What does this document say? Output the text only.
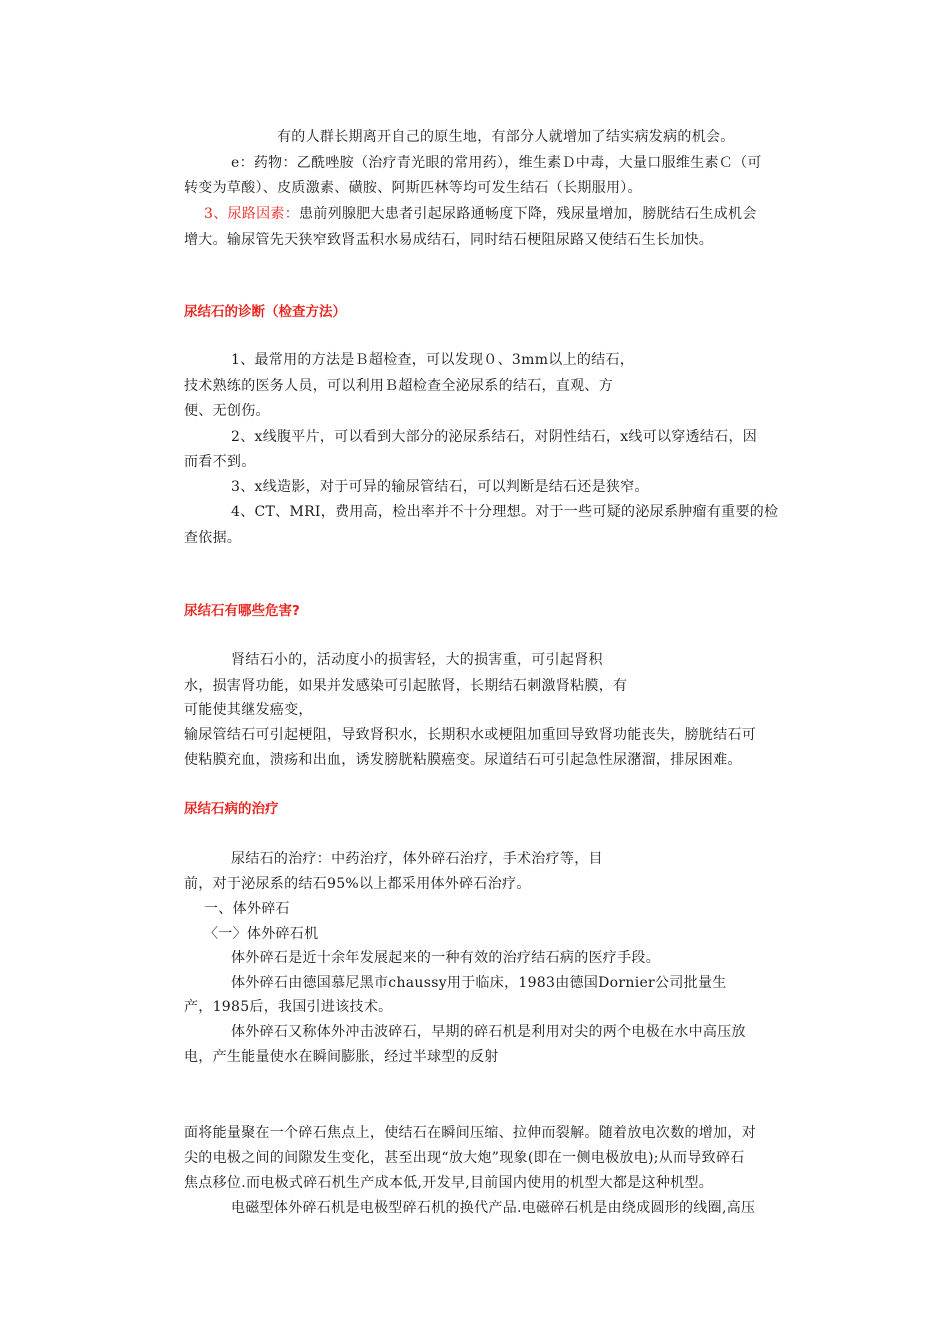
有的人群长期离开自己的原生地，有部分人就增加了结实病发病的机会。
e：药物：乙酰唑胺（治疗青光眼的常用药），维生素Ｄ中毒，大量口服维生素Ｃ（可
转变为草酸）、皮质激素、磺胺、阿斯匹林等均可发生结石（长期服用）。
3、尿路因素：患前列腺肥大患者引起尿路通畅度下降，残尿量增加，膀胱结石生成机会
增大。输尿管先天狭窄致肾盂积水易成结石，同时结石梗阻尿路又使结石生长加快。
尿结石的诊断（检查方法）
1、最常用的方法是Ｂ超检查，可以发现０、3mm以上的结石，
技术熟练的医务人员，可以利用Ｂ超检查全泌尿系的结石，直观、方
便、无创伤。
2、x线腹平片，可以看到大部分的泌尿系结石，对阴性结石，x线可以穿透结石，因
而看不到。
3、x线造影，对于可异的输尿管结石，可以判断是结石还是狭窄。
4、CT、MRI，费用高，检出率并不十分理想。对于一些可疑的泌尿系肿瘤有重要的检
查依据。
尿结石有哪些危害?
肾结石小的，活动度小的损害轻，大的损害重，可引起肾积
水，损害肾功能，如果并发感染可引起脓肾，长期结石刺激肾粘膜，有
可能使其继发癌变，
输尿管结石可引起梗阻，导致肾积水，长期积水或梗阻加重回导致肾功能丧失，膀胱结石可
使粘膜充血，溃疡和出血，诱发膀胱粘膜癌变。尿道结石可引起急性尿潴溜，排尿困难。
尿结石病的治疗
尿结石的治疗：中药治疗，体外碎石治疗，手术治疗等，目
前，对于泌尿系的结石95%以上都采用体外碎石治疗。
一、体外碎石
〈一〉体外碎石机
体外碎石是近十余年发展起来的一种有效的治疗结石病的医疗手段。
体外碎石由德国慕尼黑市chaussy用于临床，1983由德国Dornier公司批量生
产，1985后，我国引进该技术。
体外碎石又称体外冲击波碎石，早期的碎石机是利用对尖的两个电极在水中高压放
电，产生能量使水在瞬间膨胀，经过半球型的反射
面将能量聚在一个碎石焦点上，使结石在瞬间压缩、拉伸而裂解。随着放电次数的增加，对
尖的电极之间的间隙发生变化，甚至出现“放大炮”现象(即在一侧电极放电);从而导致碎石
焦点移位.而电极式碎石机生产成本低,开发早,目前国内使用的机型大都是这种机型。
电磁型体外碎石机是电极型碎石机的换代产品.电磁碎石机是由绕成圆形的线圈,高压
